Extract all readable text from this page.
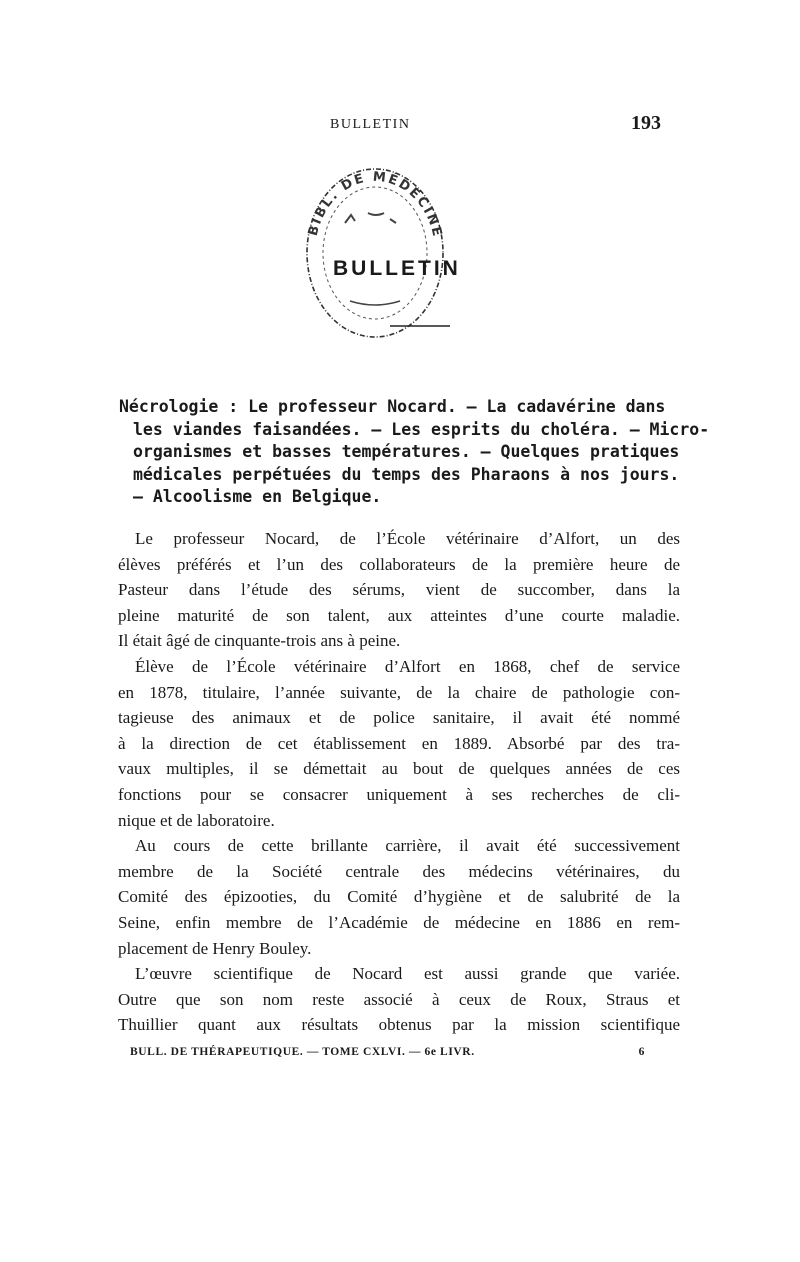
BULLETIN	193
BIBL. DE MÉDECINE
BULLETIN
Nécrologie : Le professeur Nocard. — La cadavérine dans
les viandes faisandées. — Les esprits du choléra. — Micro-
organismes et basses températures. — Quelques pratiques
médicales perpétuées du temps des Pharaons à nos jours.
— Alcoolisme en Belgique.
Le professeur Nocard, de l’École vétérinaire d’Alfort, un des
élèves préférés et l’un des collaborateurs de la première heure de
Pasteur dans l’étude des sérums, vient de succomber, dans la
pleine maturité de son talent, aux atteintes d’une courte maladie.
Il était âgé de cinquante-trois ans à peine.
Élève de l’École vétérinaire d’Alfort en 1868, chef de service
en 1878, titulaire, l’année suivante, de la chaire de pathologie con-
tagieuse des animaux et de police sanitaire, il avait été nommé
à la direction de cet établissement en 1889. Absorbé par des tra-
vaux multiples, il se démettait au bout de quelques années de ces
fonctions pour se consacrer uniquement à ses recherches de cli-
nique et de laboratoire.
Au cours de cette brillante carrière, il avait été successivement
membre de la Société centrale des médecins vétérinaires, du
Comité des épizooties, du Comité d’hygiène et de salubrité de la
Seine, enfin membre de l’Académie de médecine en 1886 en rem-
placement de Henry Bouley.
L’œuvre scientifique de Nocard est aussi grande que variée.
Outre que son nom reste associé à ceux de Roux, Straus et
Thuillier quant aux résultats obtenus par la mission scientifique
BULL. DE THÉRAPEUTIQUE. — TOME CXLVI. — 6e LIVR.	6
